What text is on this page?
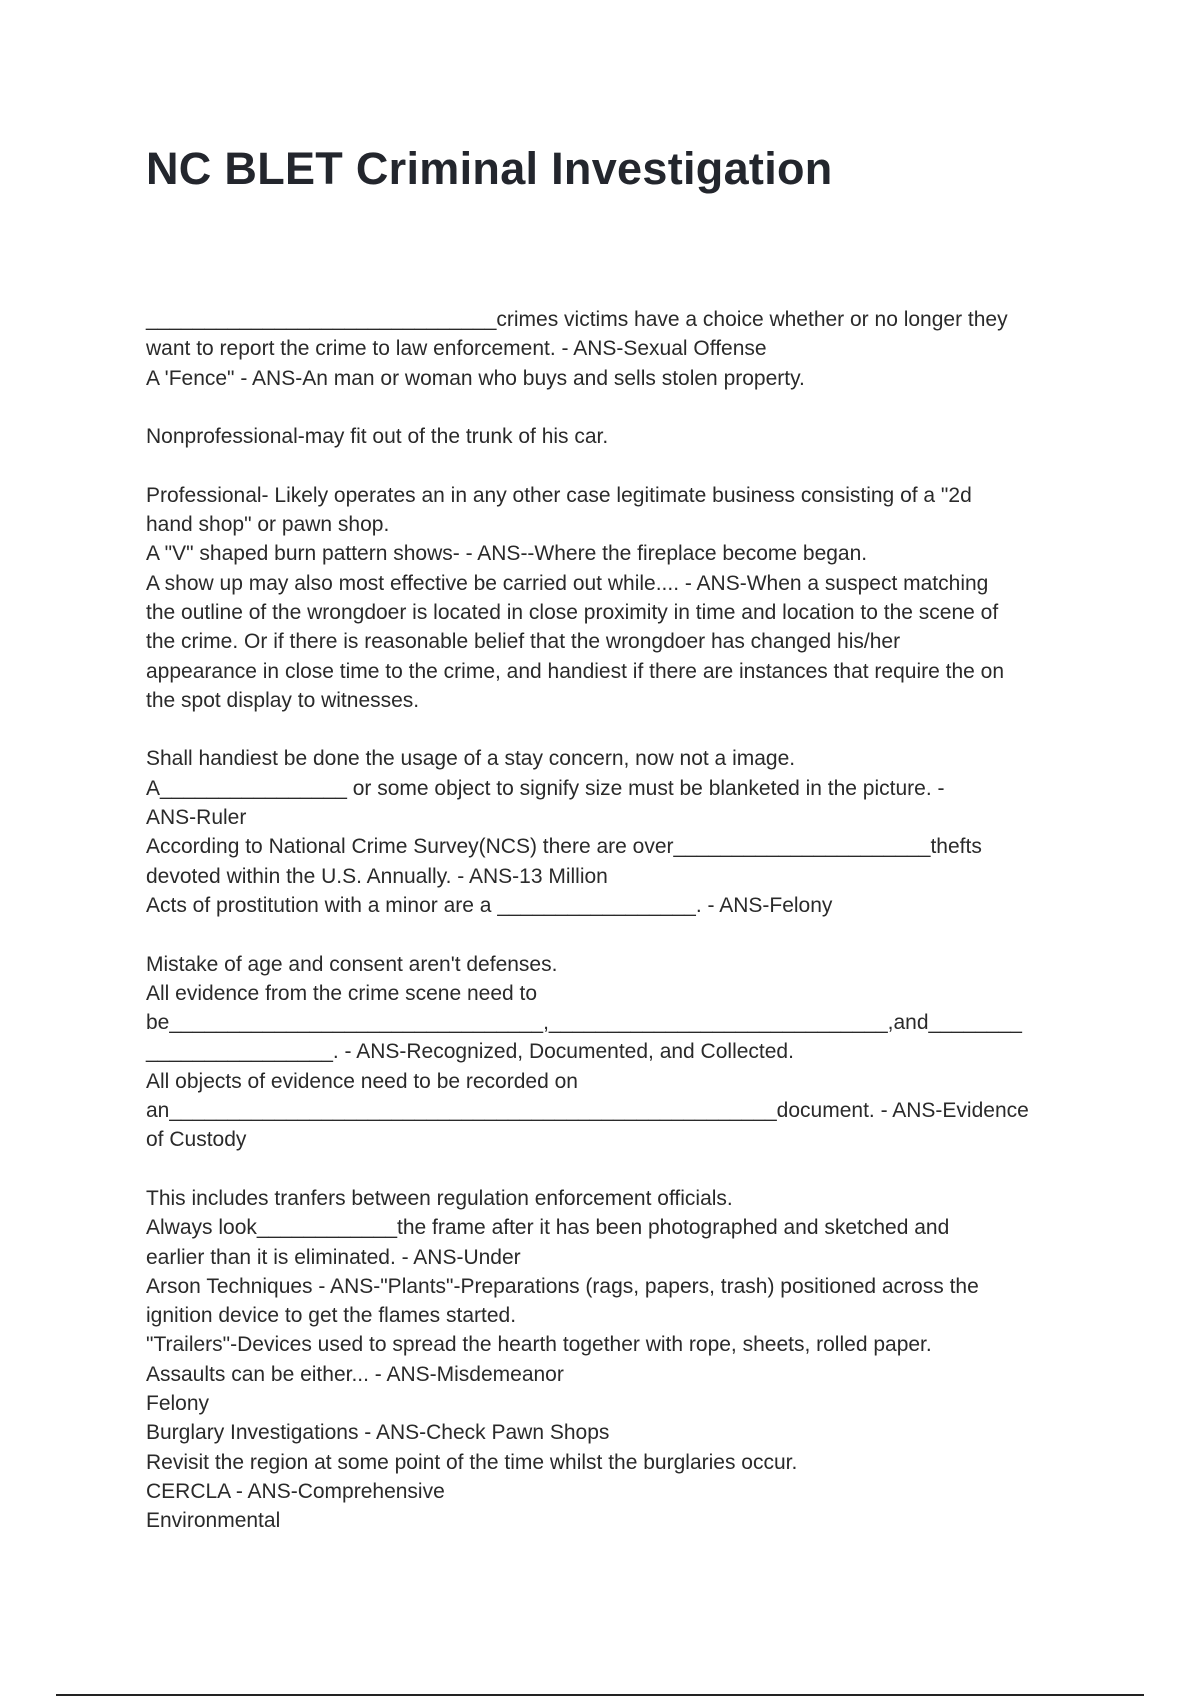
NC BLET Criminal Investigation
______________________________crimes victims have a choice whether or no longer they
want to report the crime to law enforcement. - ANS-Sexual Offense
A 'Fence" - ANS-An man or woman who buys and sells stolen property.
Nonprofessional-may fit out of the trunk of his car.
Professional- Likely operates an in any other case legitimate business consisting of a "2d
hand shop" or pawn shop.
A "V" shaped burn pattern shows- - ANS--Where the fireplace become began.
A show up may also most effective be carried out while.... - ANS-When a suspect matching
the outline of the wrongdoer is located in close proximity in time and location to the scene of
the crime. Or if there is reasonable belief that the wrongdoer has changed his/her
appearance in close time to the crime, and handiest if there are instances that require the on
the spot display to witnesses.
Shall handiest be done the usage of a stay concern, now not a image.
A________________ or some object to signify size must be blanketed in the picture. -
ANS-Ruler
According to National Crime Survey(NCS) there are over______________________thefts
devoted within the U.S. Annually. - ANS-13 Million
Acts of prostitution with a minor are a _________________. - ANS-Felony
Mistake of age and consent aren't defenses.
All evidence from the crime scene need to
be________________________________,_____________________________,and________
________________. - ANS-Recognized, Documented, and Collected.
All objects of evidence need to be recorded on
an____________________________________________________document. - ANS-Evidence
of Custody
This includes tranfers between regulation enforcement officials.
Always look____________the frame after it has been photographed and sketched and
earlier than it is eliminated. - ANS-Under
Arson Techniques - ANS-"Plants"-Preparations (rags, papers, trash) positioned across the
ignition device to get the flames started.
"Trailers"-Devices used to spread the hearth together with rope, sheets, rolled paper.
Assaults can be either... - ANS-Misdemeanor
Felony
Burglary Investigations - ANS-Check Pawn Shops
Revisit the region at some point of the time whilst the burglaries occur.
CERCLA - ANS-Comprehensive
Environmental
